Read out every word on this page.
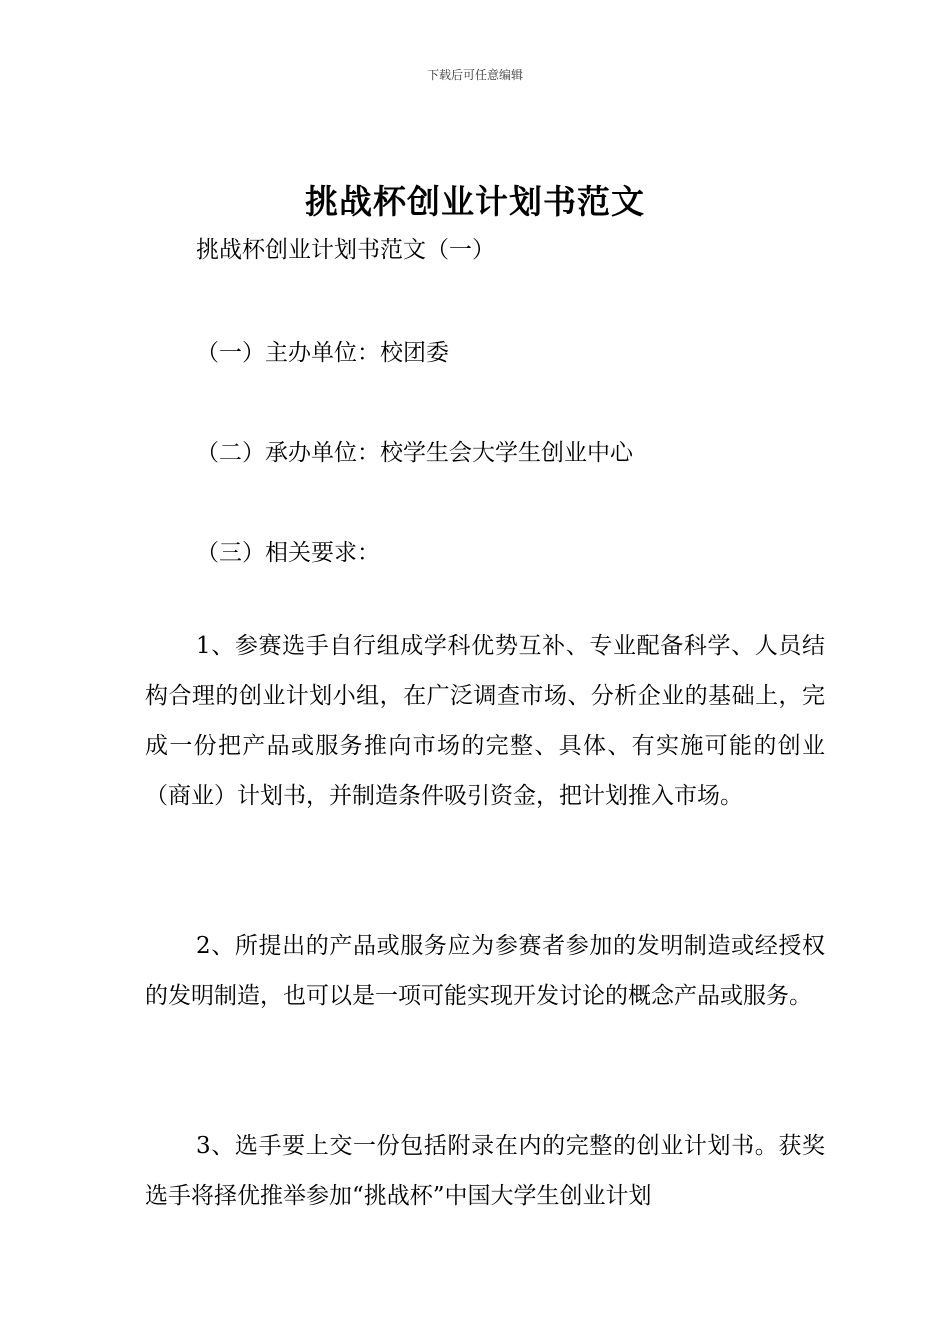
下载后可任意编辑
挑战杯创业计划书范文

挑战杯创业计划书范文（一）

（一）主办单位：校团委

（二）承办单位：校学生会大学生创业中心

（三）相关要求：

1、参赛选手自行组成学科优势互补、专业配备科学、人员结构合理的创业计划小组，在广泛调查市场、分析企业的基础上，完成一份把产品或服务推向市场的完整、具体、有实施可能的创业（商业）计划书，并制造条件吸引资金，把计划推入市场。

2、所提出的产品或服务应为参赛者参加的发明制造或经授权的发明制造，也可以是一项可能实现开发讨论的概念产品或服务。

3、选手要上交一份包括附录在内的完整的创业计划书。获奖选手将择优推举参加“挑战杯”中国大学生创业计划
